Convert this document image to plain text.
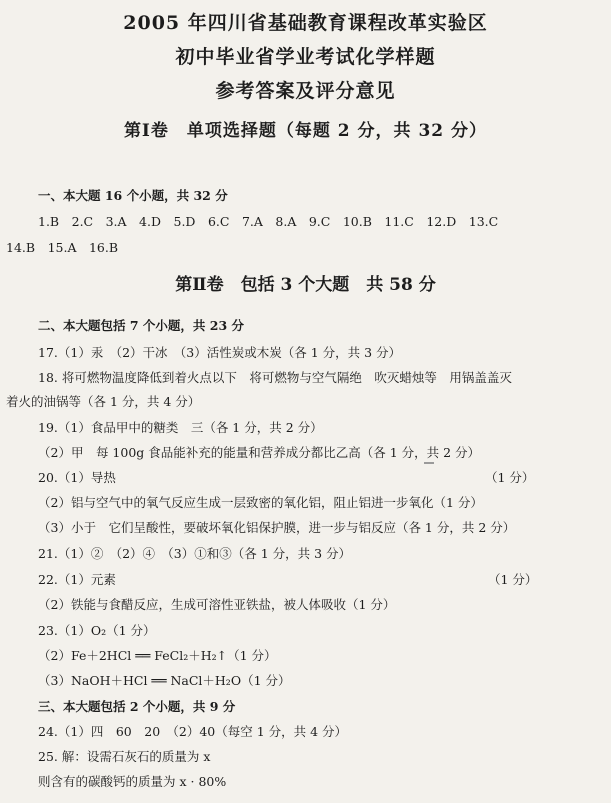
2005 年四川省基础教育课程改革实验区
初中毕业省学业考试化学样题
参考答案及评分意见
第Ⅰ卷　单项选择题（每题 2 分，共 32 分）
一、本大题 16 个小题，共 32 分
1.B　2.C　3.A　4.D　5.D　6.C　7.A　8.A　9.C　10.B　11.C　12.D　13.C
14.B　15.A　16.B
第Ⅱ卷　包括 3 个大题　共 58 分
二、本大题包括 7 个小题，共 23 分
17.（1）汞　（2）干冰　（3）活性炭或木炭（各 1 分，共 3 分）
18. 将可燃物温度降低到着火点以下　将可燃物与空气隔绝　吹灭蜡烛等　用锅盖盖灭
着火的油锅等（各 1 分，共 4 分）
19.（1）食品甲中的糖类　三（各 1 分，共 2 分）
（2）甲　每 100g 食品能补充的能量和营养成分都比乙高（各 1 分，共 2 分）
20.（1）导热	（1 分）
（2）铝与空气中的氧气反应生成一层致密的氧化铝，阻止铝进一步氧化（1 分）
（3）小于　它们呈酸性，要破坏氧化铝保护膜，进一步与铝反应（各 1 分，共 2 分）
21.（1）②　（2）④　（3）①和③（各 1 分，共 3 分）
22.（1）元素	（1 分）
（2）铁能与食醋反应，生成可溶性亚铁盐，被人体吸收（1 分）
23.（1）O₂（1 分）
（2）Fe＋2HCl ══ FeCl₂＋H₂↑（1 分）
（3）NaOH＋HCl ══ NaCl＋H₂O（1 分）
三、本大题包括 2 个小题，共 9 分
24.（1）四　60　20　（2）40（每空 1 分，共 4 分）
25. 解：设需石灰石的质量为 x
则含有的碳酸钙的质量为 x · 80%
